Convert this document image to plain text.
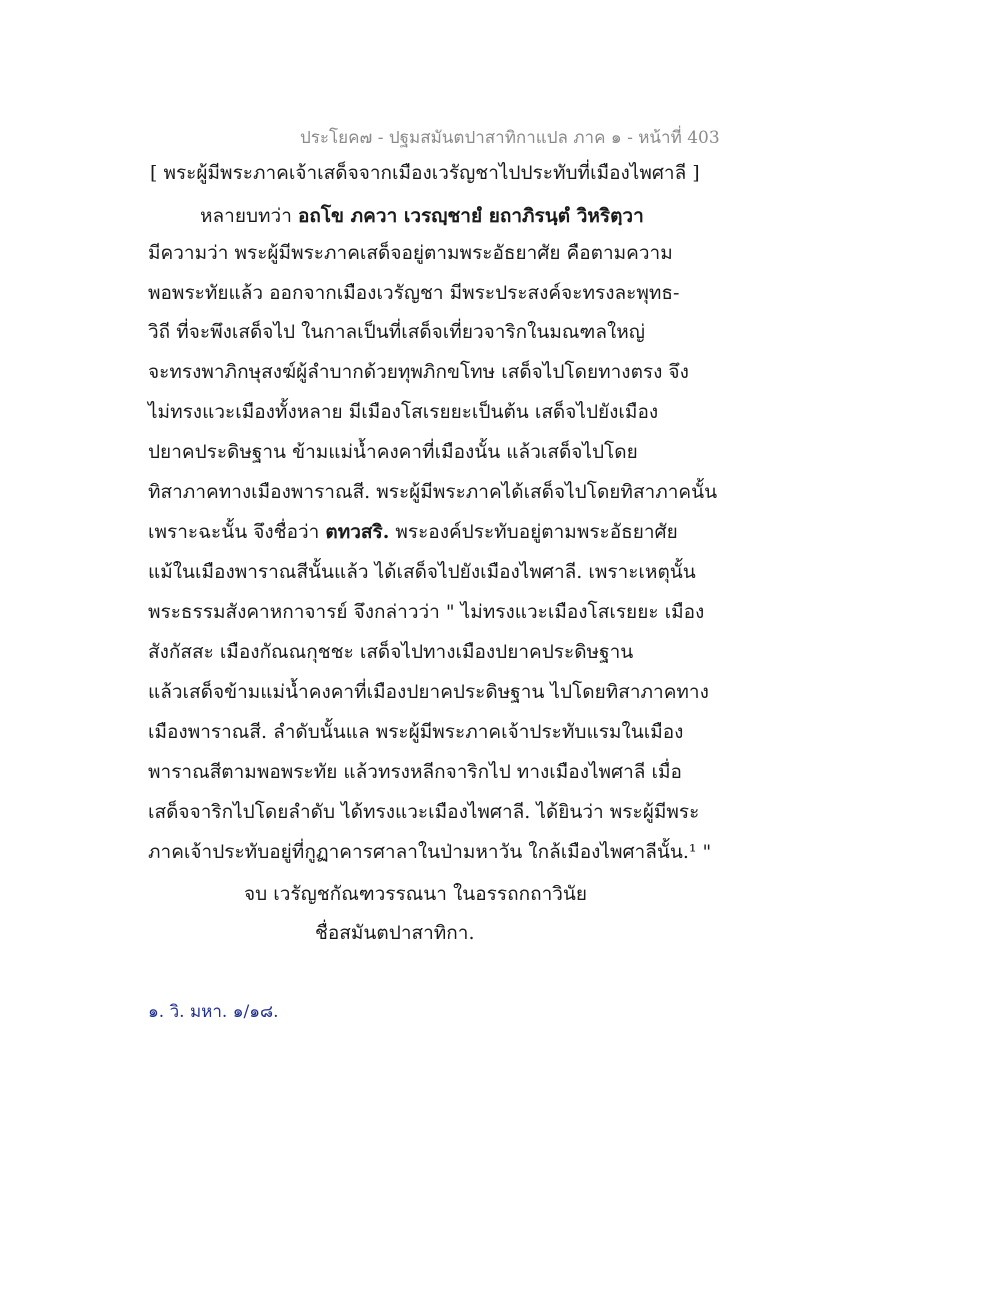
ประโยค๗ - ปฐมสมันตปาสาทิกาแปล ภาค ๑ - หน้าที่ 403
[ พระผู้มีพระภาคเจ้าเสด็จจากเมืองเวรัญชาไปประทับที่เมืองไพศาลี ]
หลายบทว่า อถโข ภควา เวรญฺชายํ ยถาภิรนฺตํ วิหริตฺวา
มีความว่า พระผู้มีพระภาคเสด็จอยู่ตามพระอัธยาศัย คือตามความ
พอพระทัยแล้ว ออกจากเมืองเวรัญชา มีพระประสงค์จะทรงละพุทธ-
วิถี ที่จะพึงเสด็จไป ในกาลเป็นที่เสด็จเที่ยวจาริกในมณฑลใหญ่
จะทรงพาภิกษุสงฆ์ผู้ลำบากด้วยทุพภิกขโทษ เสด็จไปโดยทางตรง จึง
ไม่ทรงแวะเมืองทั้งหลาย มีเมืองโสเรยยะเป็นต้น เสด็จไปยังเมือง
ปยาคประดิษฐาน ข้ามแม่น้ำคงคาที่เมืองนั้น แล้วเสด็จไปโดย
ทิสาภาคทางเมืองพาราณสี. พระผู้มีพระภาคได้เสด็จไปโดยทิสาภาคนั้น
เพราะฉะนั้น จึงชื่อว่า ตทวสริ. พระองค์ประทับอยู่ตามพระอัธยาศัย
แม้ในเมืองพาราณสีนั้นแล้ว ได้เสด็จไปยังเมืองไพศาลี. เพราะเหตุนั้น
พระธรรมสังคาหกาจารย์ จึงกล่าวว่า " ไม่ทรงแวะเมืองโสเรยยะ เมือง
สังกัสสะ เมืองกัณณกุชชะ เสด็จไปทางเมืองปยาคประดิษฐาน
แล้วเสด็จข้ามแม่น้ำคงคาที่เมืองปยาคประดิษฐาน ไปโดยทิสาภาคทาง
เมืองพาราณสี. ลำดับนั้นแล พระผู้มีพระภาคเจ้าประทับแรมในเมือง
พาราณสีตามพอพระทัย แล้วทรงหลีกจาริกไป ทางเมืองไพศาลี เมื่อ
เสด็จจาริกไปโดยลำดับ ได้ทรงแวะเมืองไพศาลี. ได้ยินว่า พระผู้มีพระ
ภาคเจ้าประทับอยู่ที่กูฏาคารศาลาในป่ามหาวัน ใกล้เมืองไพศาลีนั้น.¹ "
จบ เวรัญชกัณฑวรรณนา ในอรรถกถาวินัย
ชื่อสมันตปาสาทิกา.
๑. วิ. มหา. ๑/๑๘.
